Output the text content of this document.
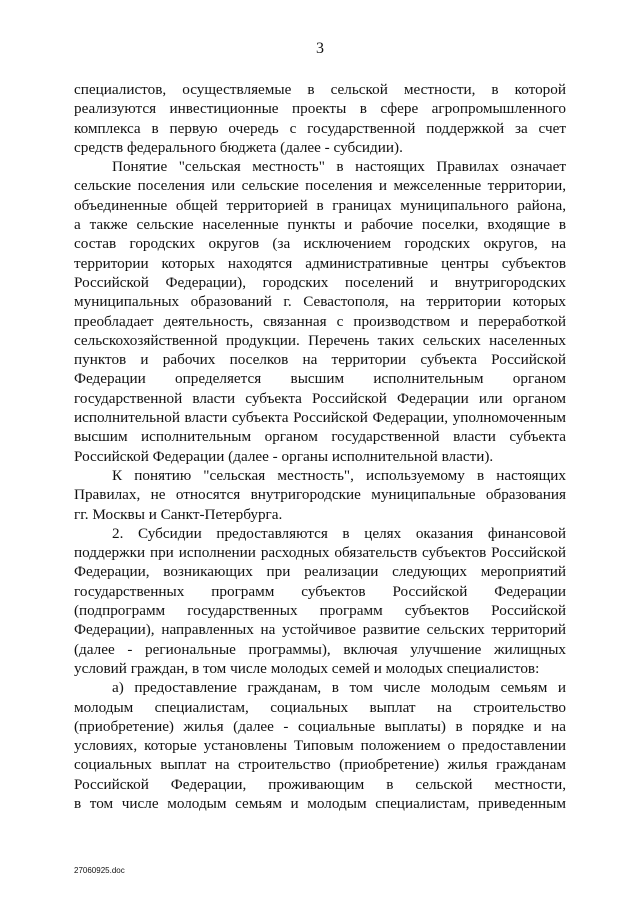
3
специалистов, осуществляемые в сельской местности, в которой
реализуются инвестиционные проекты в сфере агропромышленного
комплекса в первую очередь с государственной поддержкой за счет
средств федерального бюджета (далее - субсидии).
Понятие "сельская местность" в настоящих Правилах означает
сельские поселения или сельские поселения и межселенные территории,
объединенные общей территорией в границах муниципального района,
а также сельские населенные пункты и рабочие поселки, входящие в
состав городских округов (за исключением городских округов, на
территории которых находятся административные центры субъектов
Российской Федерации), городских поселений и внутригородских
муниципальных образований г. Севастополя, на территории которых
преобладает деятельность, связанная с производством и переработкой
сельскохозяйственной продукции. Перечень таких сельских населенных
пунктов и рабочих поселков на территории субъекта Российской
Федерации определяется высшим исполнительным органом
государственной власти субъекта Российской Федерации или органом
исполнительной власти субъекта Российской Федерации, уполномоченным
высшим исполнительным органом государственной власти субъекта
Российской Федерации (далее - органы исполнительной власти).
К понятию "сельская местность", используемому в настоящих
Правилах, не относятся внутригородские муниципальные образования
гг. Москвы и Санкт-Петербурга.
2. Субсидии предоставляются в целях оказания финансовой
поддержки при исполнении расходных обязательств субъектов Российской
Федерации, возникающих при реализации следующих мероприятий
государственных программ субъектов Российской Федерации
(подпрограмм государственных программ субъектов Российской
Федерации), направленных на устойчивое развитие сельских территорий
(далее - региональные программы), включая улучшение жилищных
условий граждан, в том числе молодых семей и молодых специалистов:
а) предоставление гражданам, в том числе молодым семьям и
молодым специалистам, социальных выплат на строительство
(приобретение) жилья (далее - социальные выплаты) в порядке и на
условиях, которые установлены Типовым положением о предоставлении
социальных выплат на строительство (приобретение) жилья гражданам
Российской Федерации, проживающим в сельской местности,
в том числе молодым семьям и молодым специалистам, приведенным
27060925.doc
